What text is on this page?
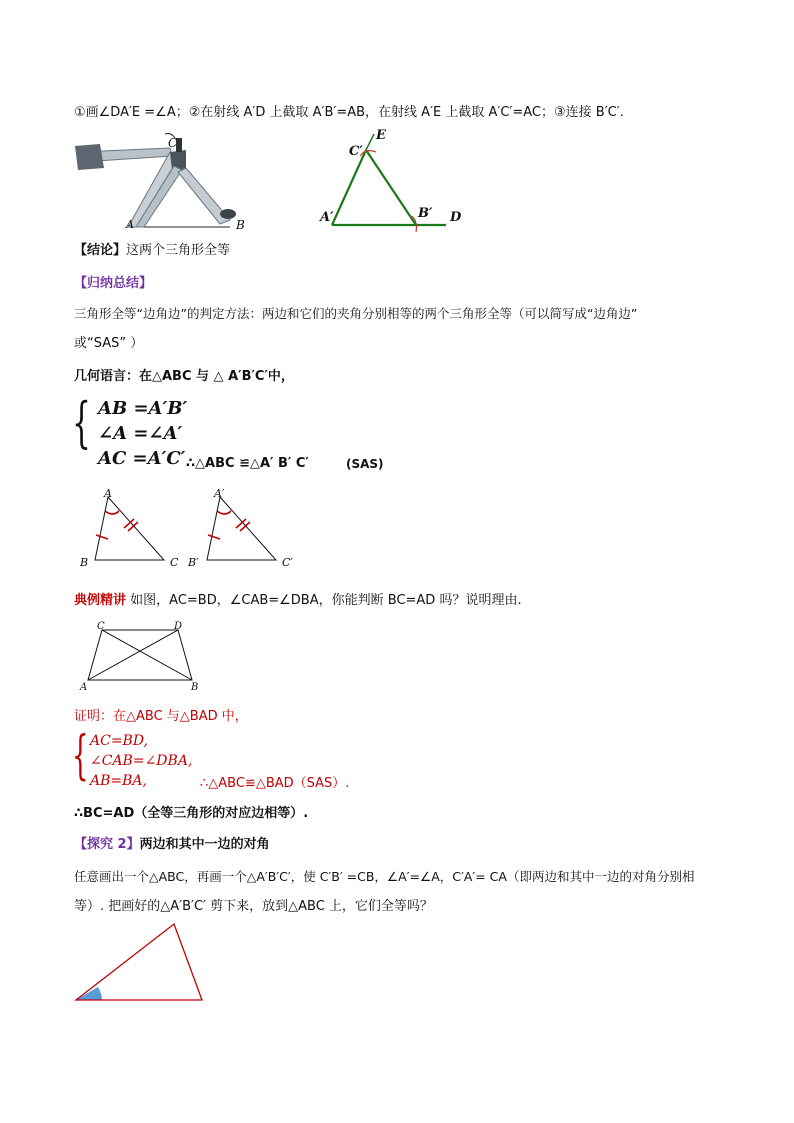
①画∠DA′E =∠A；②在射线 A′D 上截取 A′B′=AB，在射线 A′E 上截取 A′C′=AC；③连接 B′C′.
C
A	B
E
C′
A′	B′ D
【结论】这两个三角形全等
【归纳总结】
三角形全等“边角边”的判定方法：两边和它们的夹角分别相等的两个三角形全等（可以简写成“边角边”
或“SAS” ）
几何语言：在△ABC 与 △ A′B′C′中，
{ AB =A′B′
∠A =∠A′
AC =A′C′ ∴△ABC ≌△A′ B′ C′	(SAS)
A
B	C
A′
B′	C′
典例精讲 如图，AC=BD，∠CAB=∠DBA，你能判断 BC=AD 吗？说明理由.
C	D
A	B
证明：在△ABC 与△BAD 中，
{ AC=BD,
∠CAB=∠DBA,
AB=BA,	∴△ABC≌△BAD（SAS）.
∴BC=AD（全等三角形的对应边相等）.
【探究 2】两边和其中一边的对角
任意画出一个△ABC，再画一个△A′B′C′，使 C′B′ =CB，∠A′=∠A，C′A′= CA（即两边和其中一边的对角分别相
等）. 把画好的△A′B′C′ 剪下来，放到△ABC 上，它们全等吗？
